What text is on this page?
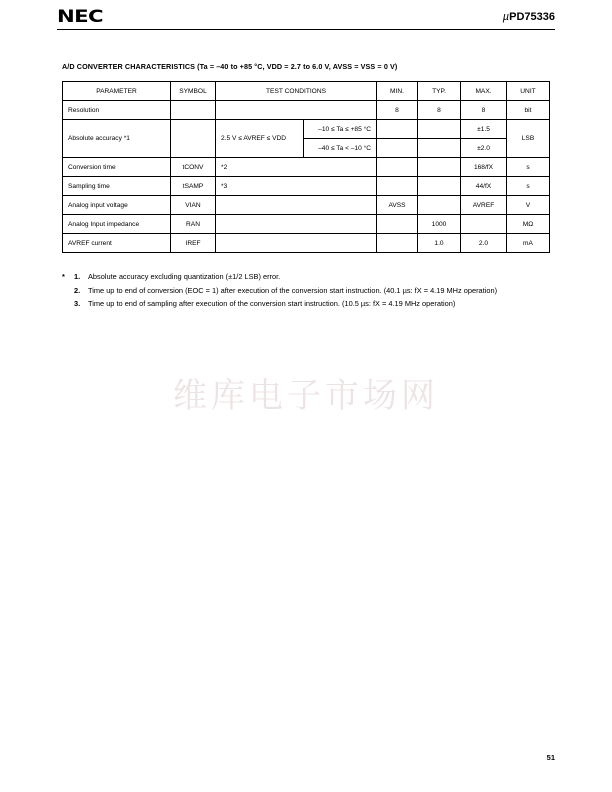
NEC	µPD75336
A/D CONVERTER CHARACTERISTICS (Ta = –40 to +85 °C, VDD = 2.7 to 6.0 V, AVSS = VSS = 0 V)
PARAMETER	SYMBOL	TEST CONDITIONS		MIN.	TYP.	MAX.	UNIT
Resolution				8	8	8	bit
Absolute accuracy *1		2.5 V ≤ AVREF ≤ VDD	–10 ≤ Ta ≤ +85 °C			±1.5	LSB
			–40 ≤ Ta < –10 °C			±2.0	
Conversion time	tCONV	*2				168/fX	s
Sampling time	tSAMP	*3				44/fX	s
Analog input voltage	VIAN			AVSS		AVREF	V
Analog Input impedance	RAN				1000		MΩ
AVREF current	IREF				1.0	2.0	mA
*	1.	Absolute accuracy excluding quantization (±1/2 LSB) error.
2.	Time up to end of conversion (EOC = 1) after execution of the conversion start instruction. (40.1 µs: fX = 4.19 MHz operation)
3.	Time up to end of sampling after execution of the conversion start instruction. (10.5 µs: fX = 4.19 MHz operation)
维库电子市场网
51
